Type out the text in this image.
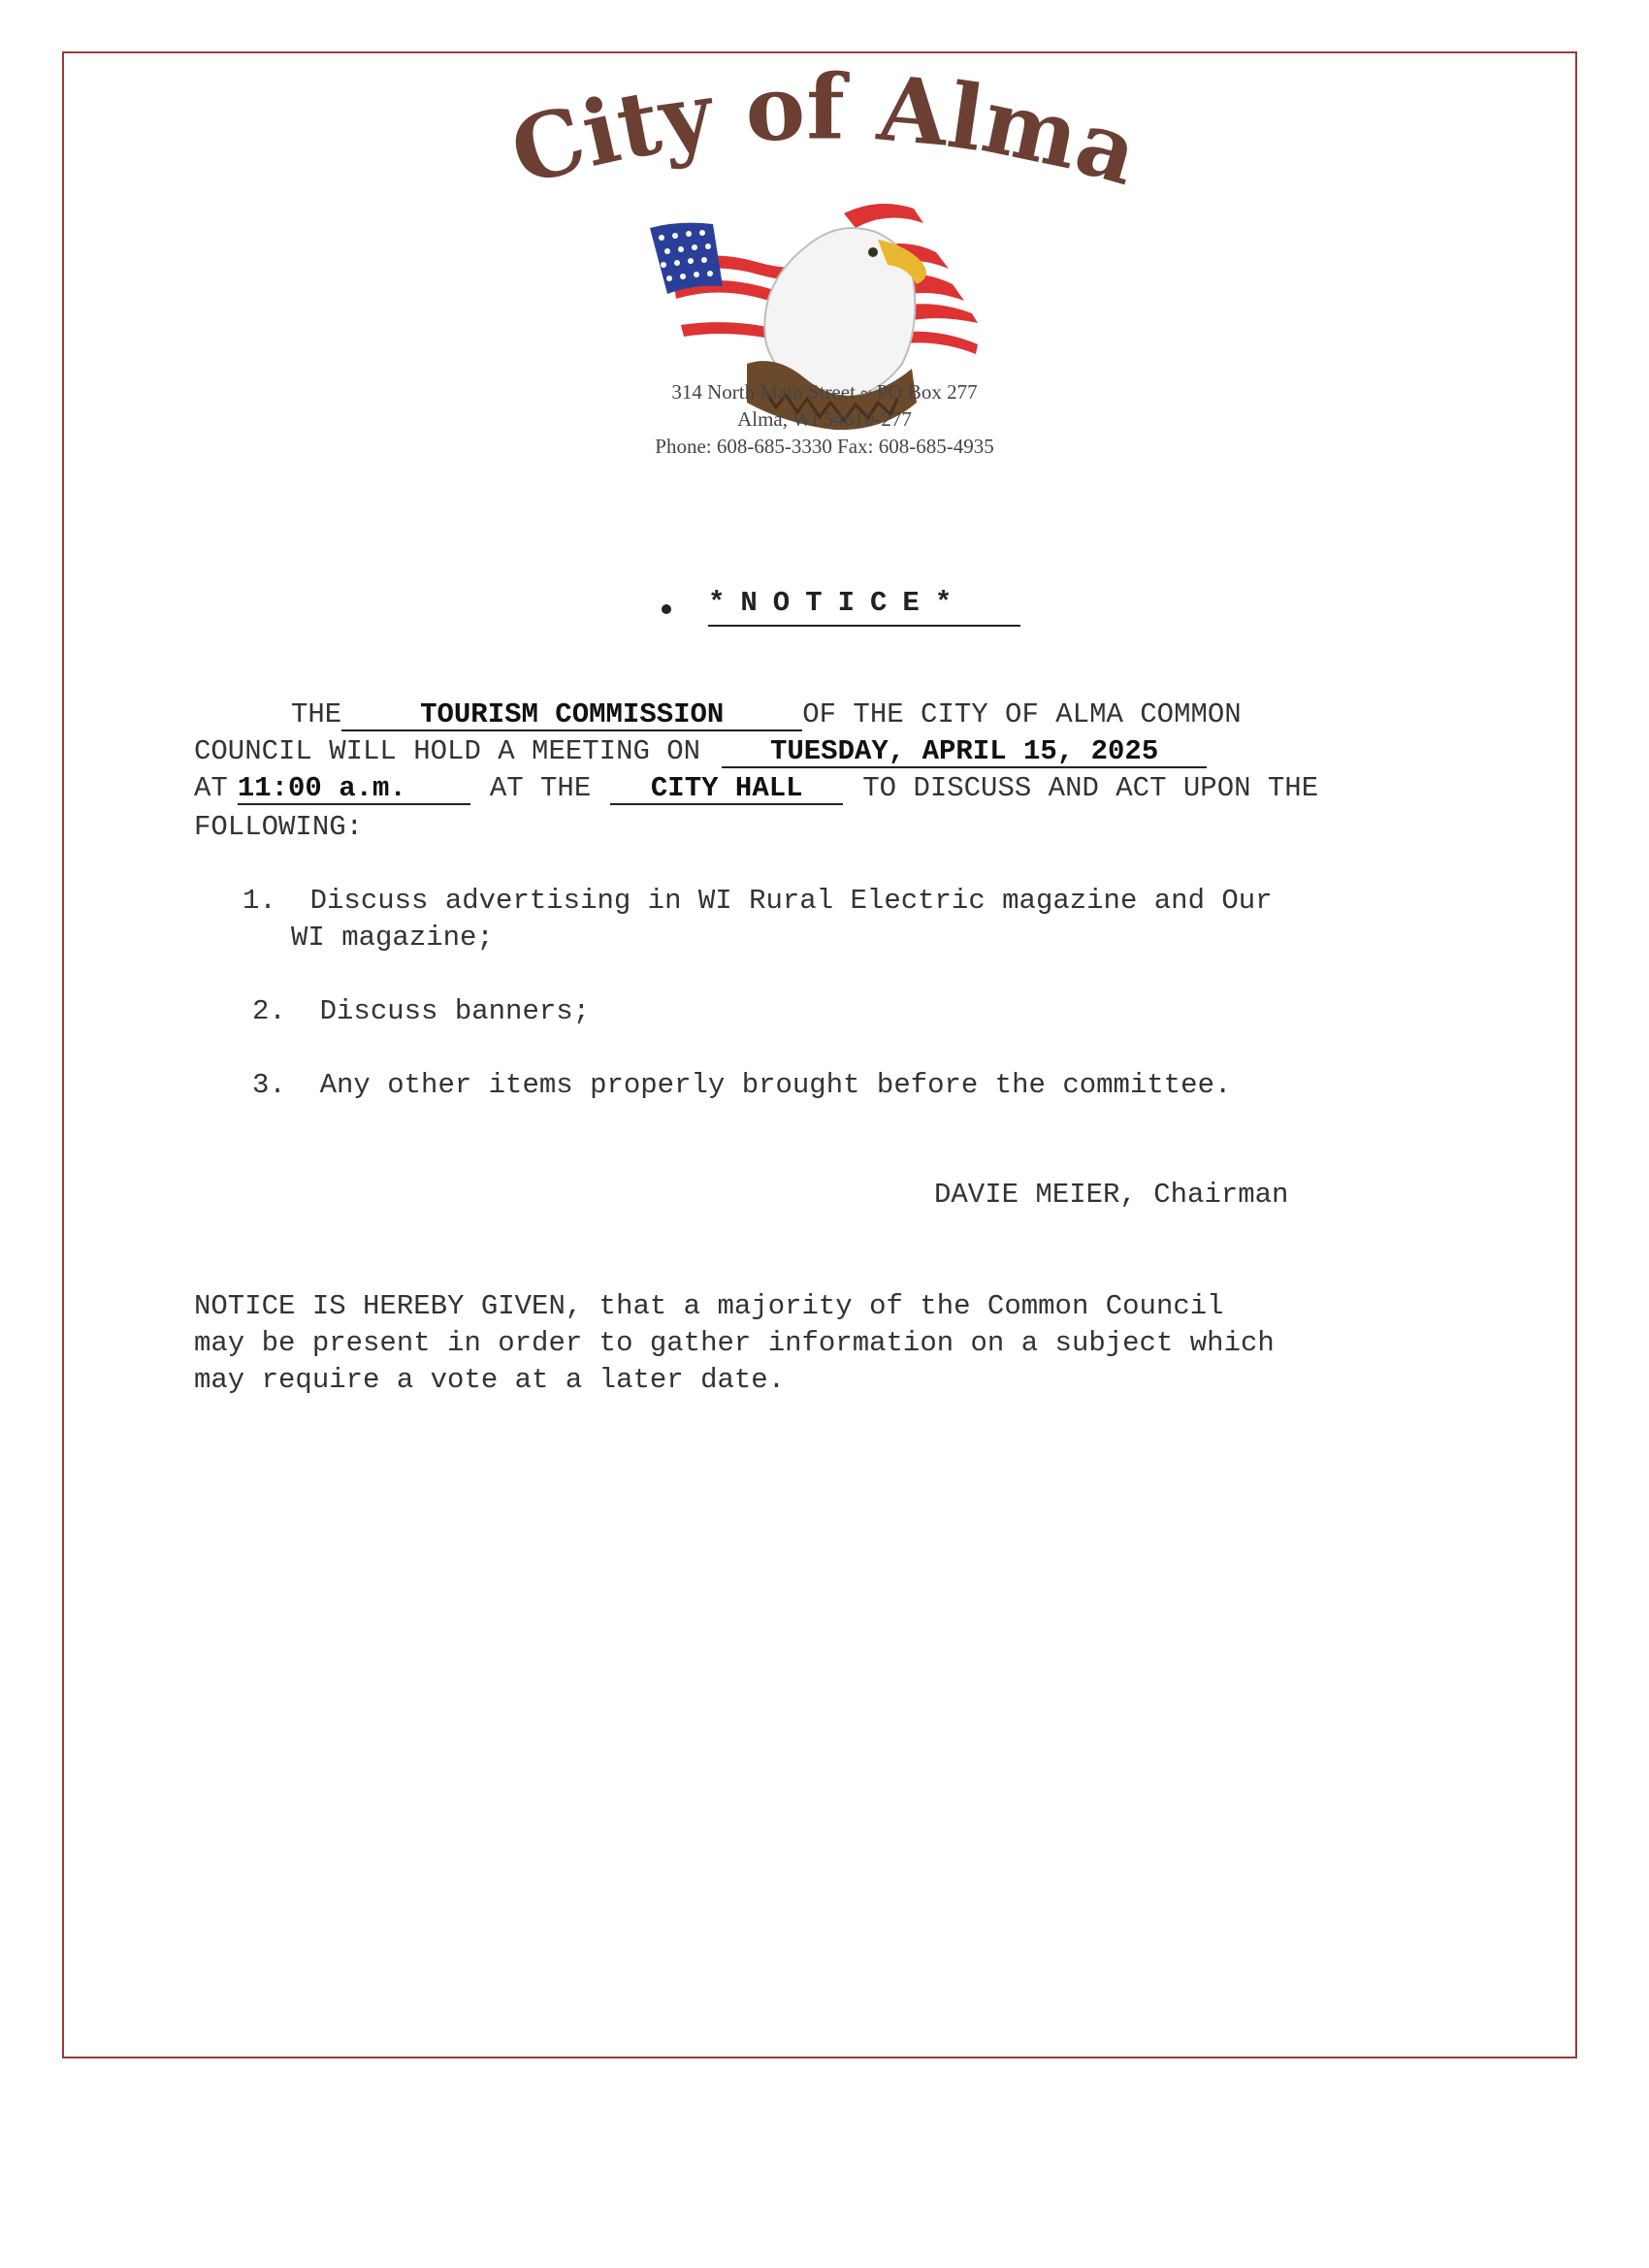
City of Alma
314 North Main Street ~ PO Box 277
Alma, WI 54610-277
Phone: 608-685-3330 Fax: 608-685-4935
*NOTICE*
THE	TOURISM COMMISSION	OF THE CITY OF ALMA COMMON
COUNCIL WILL HOLD A MEETING ON TUESDAY, APRIL 15, 2025
AT 11:00 a.m.	AT THE CITY HALL TO DISCUSS AND ACT UPON THE
FOLLOWING:
1. Discuss advertising in WI Rural Electric magazine and Our
WI magazine;
2. Discuss banners;
3. Any other items properly brought before the committee.
DAVIE MEIER, Chairman
NOTICE IS HEREBY GIVEN, that a majority of the Common Council
may be present in order to gather information on a subject which
may require a vote at a later date.
